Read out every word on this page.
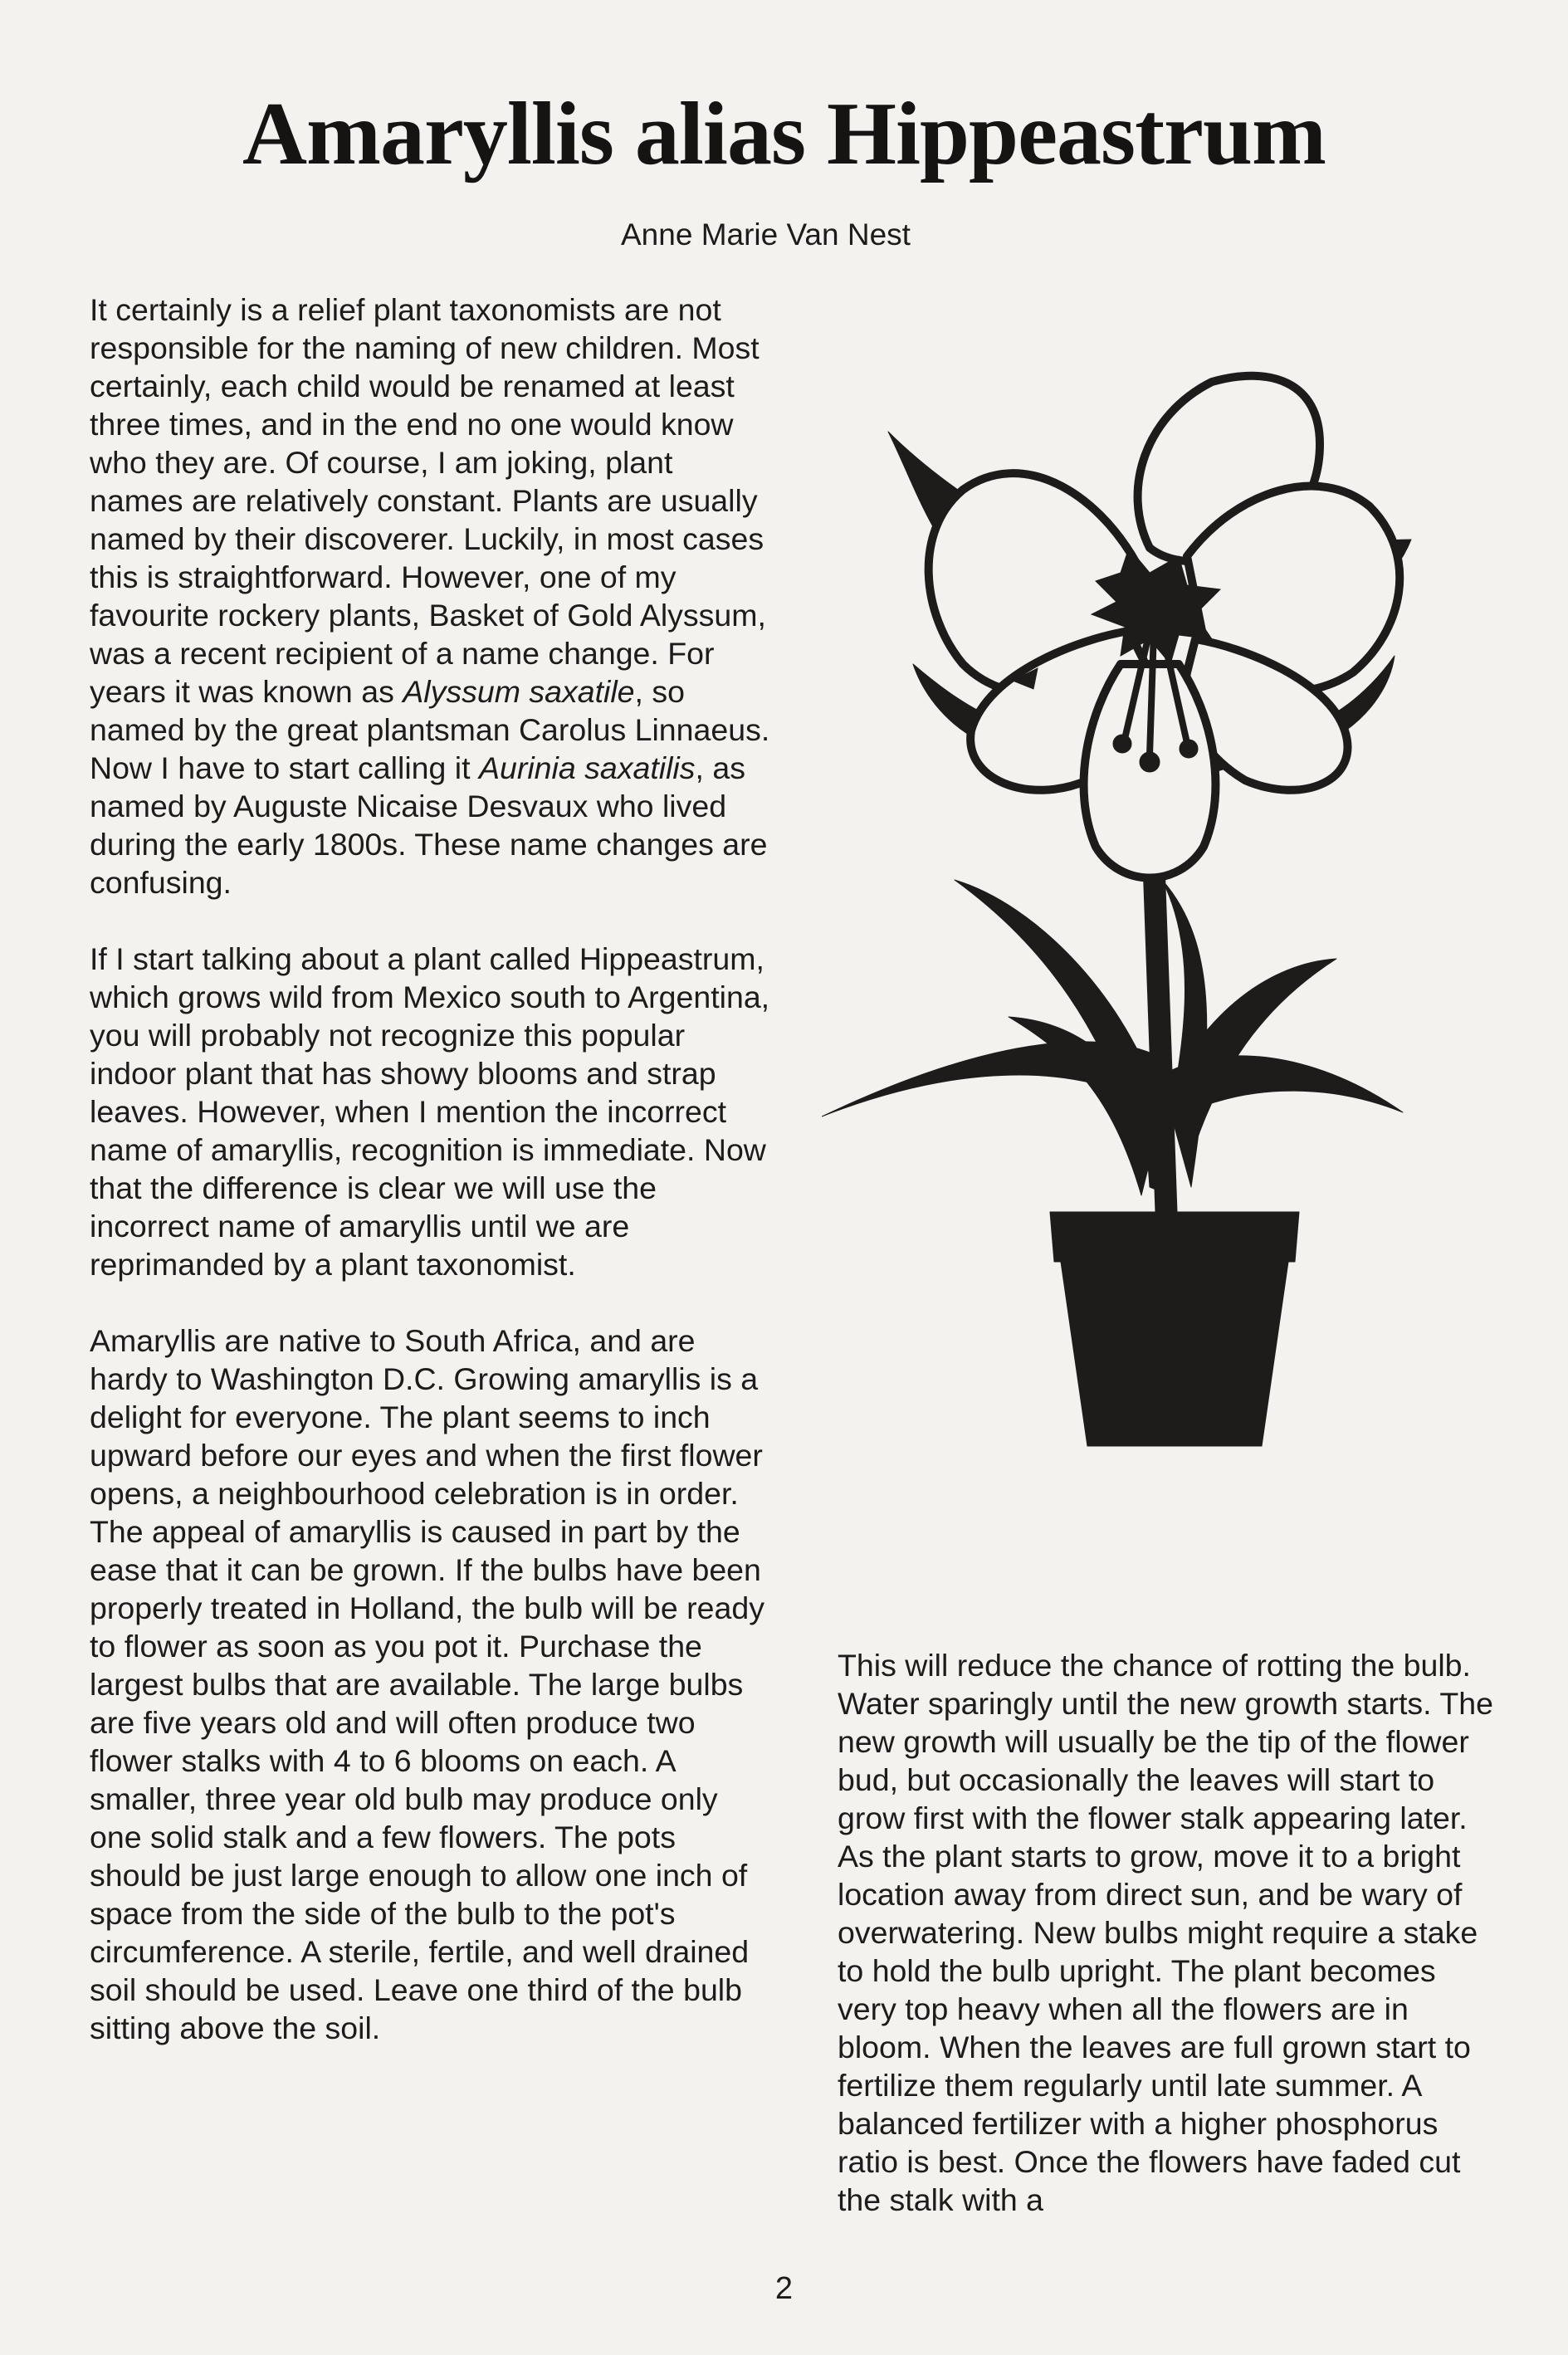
Amaryllis alias Hippeastrum
Anne Marie Van Nest

It certainly is a relief plant taxonomists are not responsible for the naming of new children. Most certainly, each child would be renamed at least three times, and in the end no one would know who they are. Of course, I am joking, plant names are relatively constant. Plants are usually named by their discoverer. Luckily, in most cases this is straightforward. However, one of my favourite rockery plants, Basket of Gold Alyssum, was a recent recipient of a name change. For years it was known as Alyssum saxatile, so named by the great plantsman Carolus Linnaeus. Now I have to start calling it Aurinia saxatilis, as named by Auguste Nicaise Desvaux who lived during the early 1800s. These name changes are confusing.

If I start talking about a plant called Hippeastrum, which grows wild from Mexico south to Argentina, you will probably not recognize this popular indoor plant that has showy blooms and strap leaves. However, when I mention the incorrect name of amaryllis, recognition is immediate. Now that the difference is clear we will use the incorrect name of amaryllis until we are reprimanded by a plant taxonomist.

Amaryllis are native to South Africa, and are hardy to Washington D.C. Growing amaryllis is a delight for everyone. The plant seems to inch upward before our eyes and when the first flower opens, a neighbourhood celebration is in order. The appeal of amaryllis is caused in part by the ease that it can be grown. If the bulbs have been properly treated in Holland, the bulb will be ready to flower as soon as you pot it. Purchase the largest bulbs that are available. The large bulbs are five years old and will often produce two flower stalks with 4 to 6 blooms on each. A smaller, three year old bulb may produce only one solid stalk and a few flowers. The pots should be just large enough to allow one inch of space from the side of the bulb to the pot's circumference. A sterile, fertile, and well drained soil should be used. Leave one third of the bulb sitting above the soil.

This will reduce the chance of rotting the bulb. Water sparingly until the new growth starts. The new growth will usually be the tip of the flower bud, but occasionally the leaves will start to grow first with the flower stalk appearing later. As the plant starts to grow, move it to a bright location away from direct sun, and be wary of overwatering. New bulbs might require a stake to hold the bulb upright. The plant becomes very top heavy when all the flowers are in bloom. When the leaves are full grown start to fertilize them regularly until late summer. A balanced fertilizer with a higher phosphorus ratio is best. Once the flowers have faded cut the stalk with a

2
